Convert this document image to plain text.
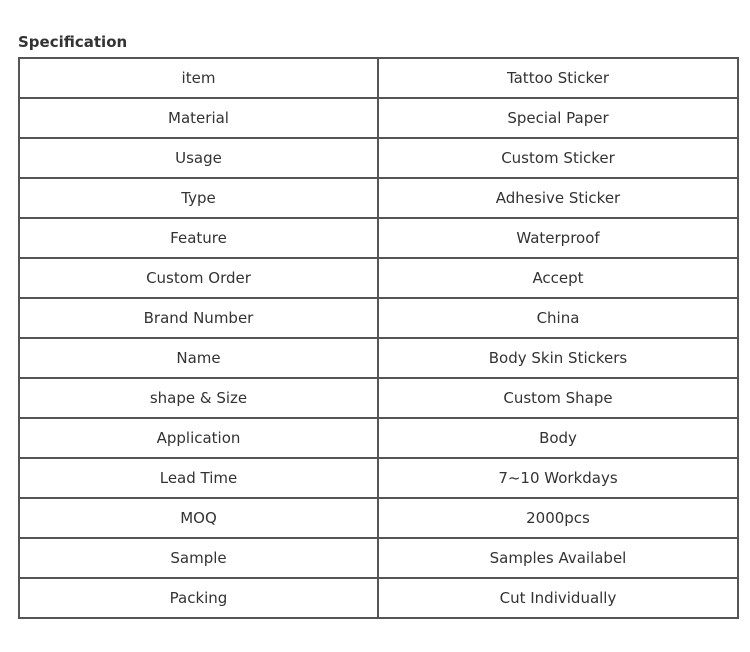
Specification
item	Tattoo Sticker
Material	Special Paper
Usage	Custom Sticker
Type	Adhesive Sticker
Feature	Waterproof
Custom Order	Accept
Brand Number	China
Name	Body Skin Stickers
shape & Size	Custom Shape
Application	Body
Lead Time	7~10 Workdays
MOQ	2000pcs
Sample	Samples Availabel
Packing	Cut Individually
